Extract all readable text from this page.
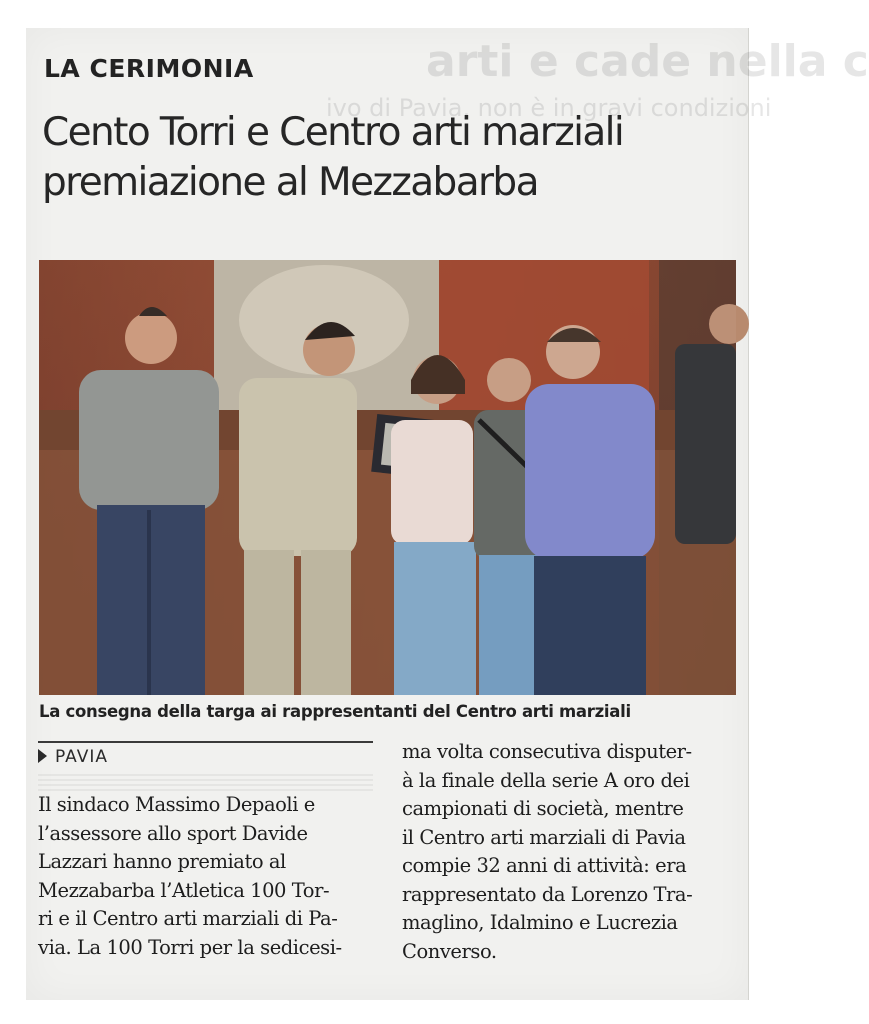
arti e cade nella c
ivo di Pavia, non è in gravi condizioni
LA CERIMONIA
Cento Torri e Centro arti marziali
premiazione al Mezzabarba
La consegna della targa ai rappresentanti del Centro arti marziali
PAVIA
Il sindaco Massimo Depaoli e
l’assessore allo sport Davide
Lazzari hanno premiato al
Mezzabarba l’Atletica 100 Tor-
ri e il Centro arti marziali di Pa-
via. La 100 Torri per la sedicesi-
ma volta consecutiva disputer-
à la finale della serie A oro dei
campionati di società, mentre
il Centro arti marziali di Pavia
compie 32 anni di attività: era
rappresentato da Lorenzo Tra-
maglino, Idalmino e Lucrezia
Converso.
